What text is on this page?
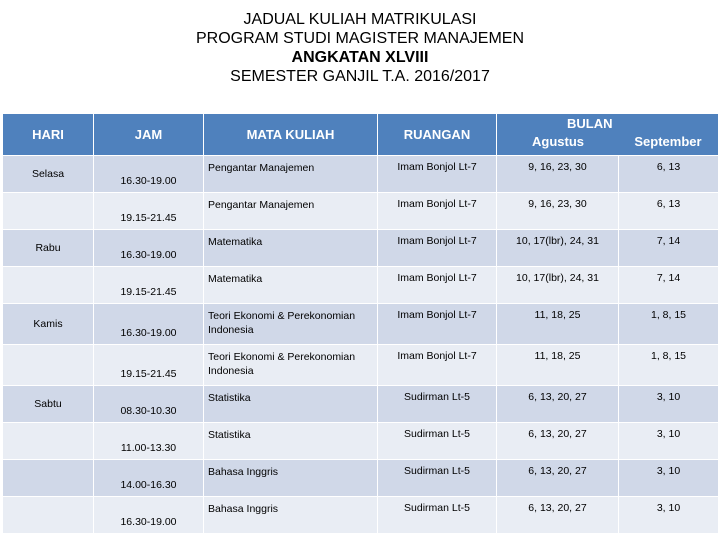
JADUAL KULIAH MATRIKULASI
PROGRAM STUDI MAGISTER MANAJEMEN
ANGKATAN XLVIII
SEMESTER GANJIL T.A. 2016/2017
HARI	JAM	MATA KULIAH	RUANGAN	BULAN
Agustus September	

Selasa	16.30-19.00	Pengantar Manajemen	Imam Bonjol Lt-7	9, 16, 23, 30	6, 13
	19.15-21.45	Pengantar Manajemen	Imam Bonjol Lt-7	9, 16, 23, 30	6, 13
Rabu	16.30-19.00	Matematika	Imam Bonjol Lt-7	10, 17(lbr), 24, 31	7, 14
	19.15-21.45	Matematika	Imam Bonjol Lt-7	10, 17(lbr), 24, 31	7, 14
Kamis	16.30-19.00	Teori Ekonomi & Perekonomian Indonesia	Imam Bonjol Lt-7	11, 18, 25	1, 8, 15
	19.15-21.45	Teori Ekonomi & Perekonomian Indonesia	Imam Bonjol Lt-7	11, 18, 25	1, 8, 15
Sabtu	08.30-10.30	Statistika	Sudirman Lt-5	6, 13, 20, 27	3, 10
	11.00-13.30	Statistika	Sudirman Lt-5	6, 13, 20, 27	3, 10
	14.00-16.30	Bahasa Inggris	Sudirman Lt-5	6, 13, 20, 27	3, 10
	16.30-19.00	Bahasa Inggris	Sudirman Lt-5	6, 13, 20, 27	3, 10
